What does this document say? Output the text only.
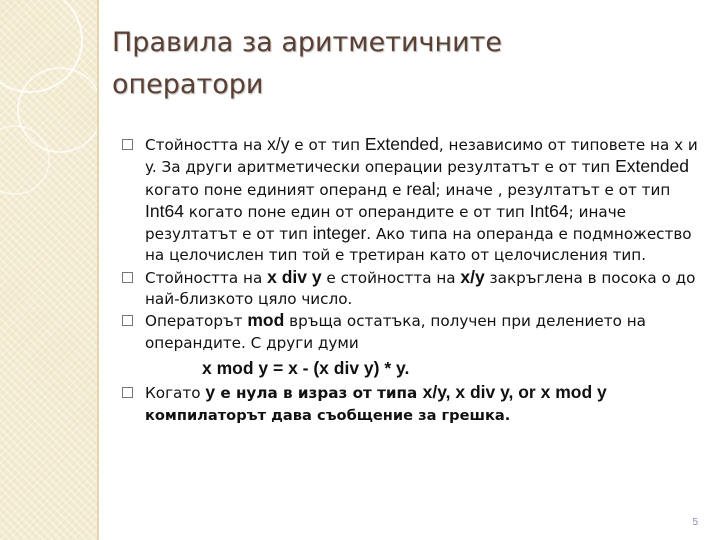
Правила за аритметичните
оператори

Стойността на x/y е от тип Extended, независимо от типовете на x и y. За други аритметически операции резултатът е от тип Extended когато поне единият операнд е real; иначе , резултатът е от тип Int64 когато поне един от операндите е от тип Int64; иначе резултатът е от тип integer. Ако типа на операнда е подмножество на целочислен тип той е третиран като от целочисления тип.

Стойността на x div y е стойността на x/y закръглена в посока о до най-близкото цяло число.

Операторът mod връща остатъка, получен при делението на операндите. С други думи

x mod y = x - (x div y) * y.

Когато y е нула в израз от типа x/y, x div y, or x mod y
компилаторът дава съобщение за грешка.

5
